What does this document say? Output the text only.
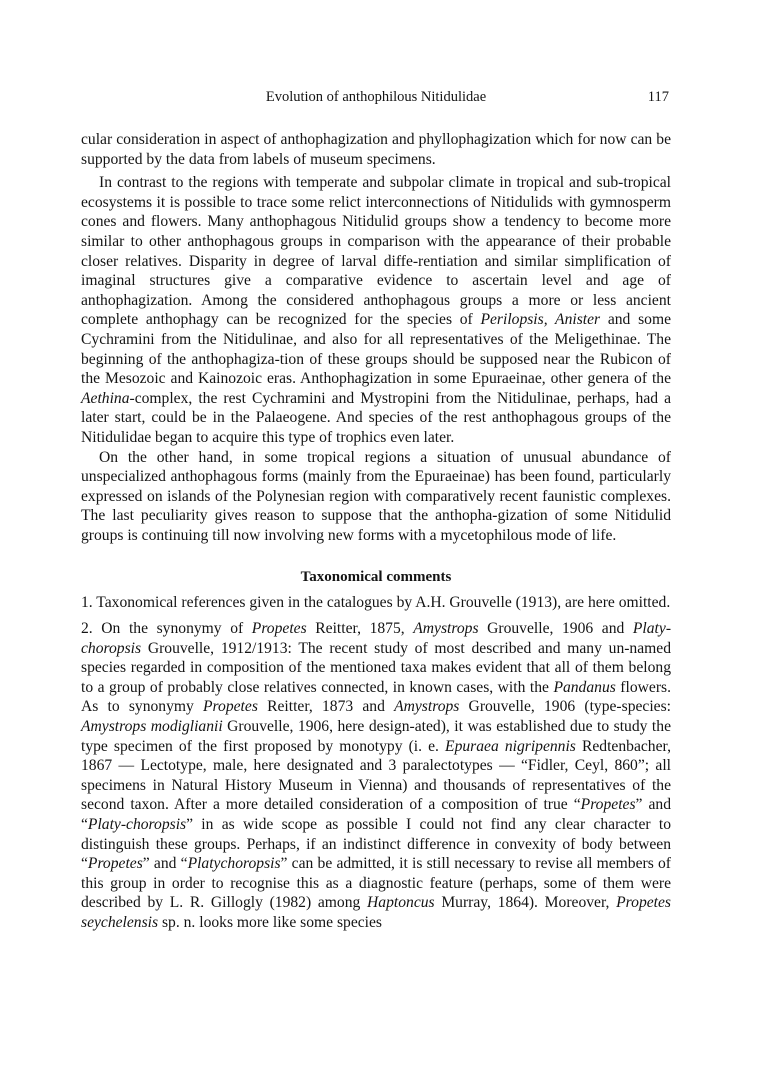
Evolution of anthophilous Nitidulidae	117

cular consideration in aspect of anthophagization and phyllophagization which for now can be supported by the data from labels of museum specimens.

In contrast to the regions with temperate and subpolar climate in tropical and sub-tropical ecosystems it is possible to trace some relict interconnections of Nitidulids with gymnosperm cones and flowers. Many anthophagous Nitidulid groups show a tendency to become more similar to other anthophagous groups in comparison with the appearance of their probable closer relatives. Disparity in degree of larval diffe-rentiation and similar simplification of imaginal structures give a comparative evidence to ascertain level and age of anthophagization. Among the considered anthophagous groups a more or less ancient complete anthophagy can be recognized for the species of Perilopsis, Anister and some Cychramini from the Nitidulinae, and also for all representatives of the Meligethinae. The beginning of the anthophagiza-tion of these groups should be supposed near the Rubicon of the Mesozoic and Kainozoic eras. Anthophagization in some Epuraeinae, other genera of the Aethina-complex, the rest Cychramini and Mystropini from the Nitidulinae, perhaps, had a later start, could be in the Palaeogene. And species of the rest anthophagous groups of the Nitidulidae began to acquire this type of trophics even later.

On the other hand, in some tropical regions a situation of unusual abundance of unspecialized anthophagous forms (mainly from the Epuraeinae) has been found, particularly expressed on islands of the Polynesian region with comparatively recent faunistic complexes. The last peculiarity gives reason to suppose that the anthopha-gization of some Nitidulid groups is continuing till now involving new forms with a mycetophilous mode of life.

Taxonomical comments

1. Taxonomical references given in the catalogues by A.H. Grouvelle (1913), are here omitted.

2. On the synonymy of Propetes Reitter, 1875, Amystrops Grouvelle, 1906 and Platy-choropsis Grouvelle, 1912/1913: The recent study of most described and many un-named species regarded in composition of the mentioned taxa makes evident that all of them belong to a group of probably close relatives connected, in known cases, with the Pandanus flowers. As to synonymy Propetes Reitter, 1873 and Amystrops Grouvelle, 1906 (type-species: Amystrops modiglianii Grouvelle, 1906, here design-ated), it was established due to study the type specimen of the first proposed by monotypy (i. e. Epuraea nigripennis Redtenbacher, 1867 — Lectotype, male, here designated and 3 paralectotypes — “Fidler, Ceyl, 860”; all specimens in Natural History Museum in Vienna) and thousands of representatives of the second taxon. After a more detailed consideration of a composition of true “Propetes” and “Platy-choropsis” in as wide scope as possible I could not find any clear character to distinguish these groups. Perhaps, if an indistinct difference in convexity of body between “Propetes” and “Platychoropsis” can be admitted, it is still necessary to revise all members of this group in order to recognise this as a diagnostic feature (perhaps, some of them were described by L. R. Gillogly (1982) among Haptoncus Murray, 1864). Moreover, Propetes seychelensis sp. n. looks more like some species
